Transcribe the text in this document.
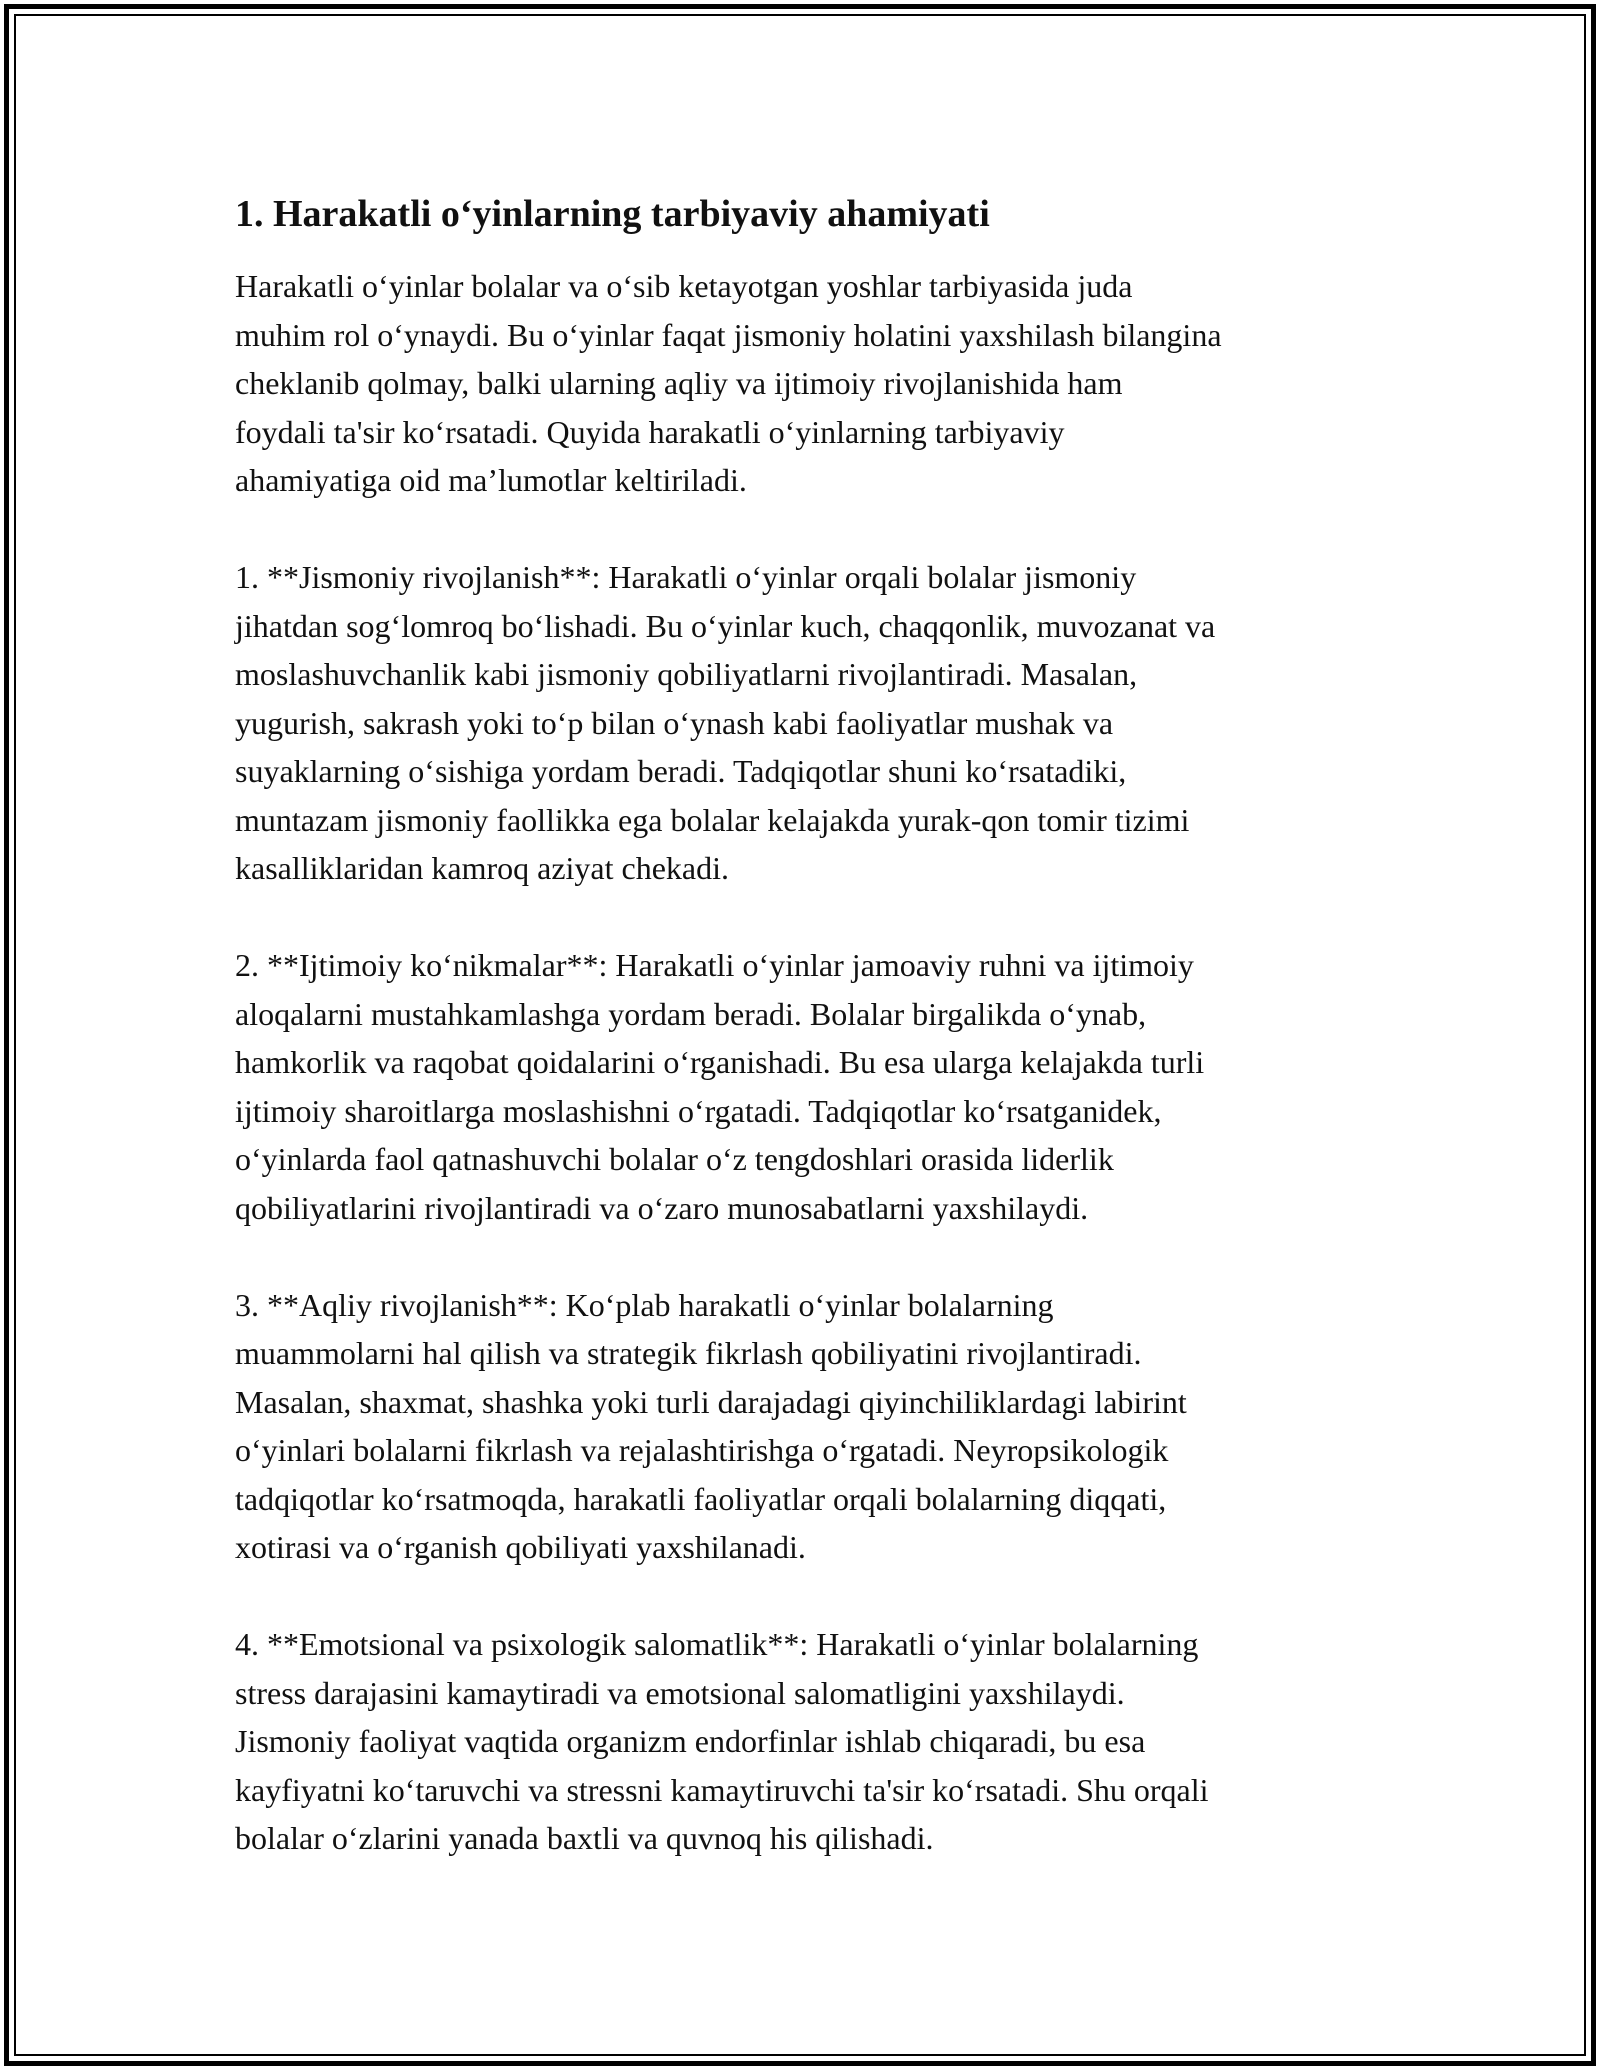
1. Harakatli o‘yinlarning tarbiyaviy ahamiyati

Harakatli o‘yinlar bolalar va o‘sib ketayotgan yoshlar tarbiyasida juda
muhim rol o‘ynaydi. Bu o‘yinlar faqat jismoniy holatini yaxshilash bilangina
cheklanib qolmay, balki ularning aqliy va ijtimoiy rivojlanishida ham
foydali ta'sir ko‘rsatadi. Quyida harakatli o‘yinlarning tarbiyaviy
ahamiyatiga oid ma’lumotlar keltiriladi.

1. **Jismoniy rivojlanish**: Harakatli o‘yinlar orqali bolalar jismoniy
jihatdan sog‘lomroq bo‘lishadi. Bu o‘yinlar kuch, chaqqonlik, muvozanat va
moslashuvchanlik kabi jismoniy qobiliyatlarni rivojlantiradi. Masalan,
yugurish, sakrash yoki to‘p bilan o‘ynash kabi faoliyatlar mushak va
suyaklarning o‘sishiga yordam beradi. Tadqiqotlar shuni ko‘rsatadiki,
muntazam jismoniy faollikka ega bolalar kelajakda yurak-qon tomir tizimi
kasalliklaridan kamroq aziyat chekadi.

2. **Ijtimoiy ko‘nikmalar**: Harakatli o‘yinlar jamoaviy ruhni va ijtimoiy
aloqalarni mustahkamlashga yordam beradi. Bolalar birgalikda o‘ynab,
hamkorlik va raqobat qoidalarini o‘rganishadi. Bu esa ularga kelajakda turli
ijtimoiy sharoitlarga moslashishni o‘rgatadi. Tadqiqotlar ko‘rsatganidek,
o‘yinlarda faol qatnashuvchi bolalar o‘z tengdoshlari orasida liderlik
qobiliyatlarini rivojlantiradi va o‘zaro munosabatlarni yaxshilaydi.

3. **Aqliy rivojlanish**: Ko‘plab harakatli o‘yinlar bolalarning
muammolarni hal qilish va strategik fikrlash qobiliyatini rivojlantiradi.
Masalan, shaxmat, shashka yoki turli darajadagi qiyinchiliklardagi labirint
o‘yinlari bolalarni fikrlash va rejalashtirishga o‘rgatadi. Neyropsikologik
tadqiqotlar ko‘rsatmoqda, harakatli faoliyatlar orqali bolalarning diqqati,
xotirasi va o‘rganish qobiliyati yaxshilanadi.

4. **Emotsional va psixologik salomatlik**: Harakatli o‘yinlar bolalarning
stress darajasini kamaytiradi va emotsional salomatligini yaxshilaydi.
Jismoniy faoliyat vaqtida organizm endorfinlar ishlab chiqaradi, bu esa
kayfiyatni ko‘taruvchi va stressni kamaytiruvchi ta'sir ko‘rsatadi. Shu orqali
bolalar o‘zlarini yanada baxtli va quvnoq his qilishadi.
